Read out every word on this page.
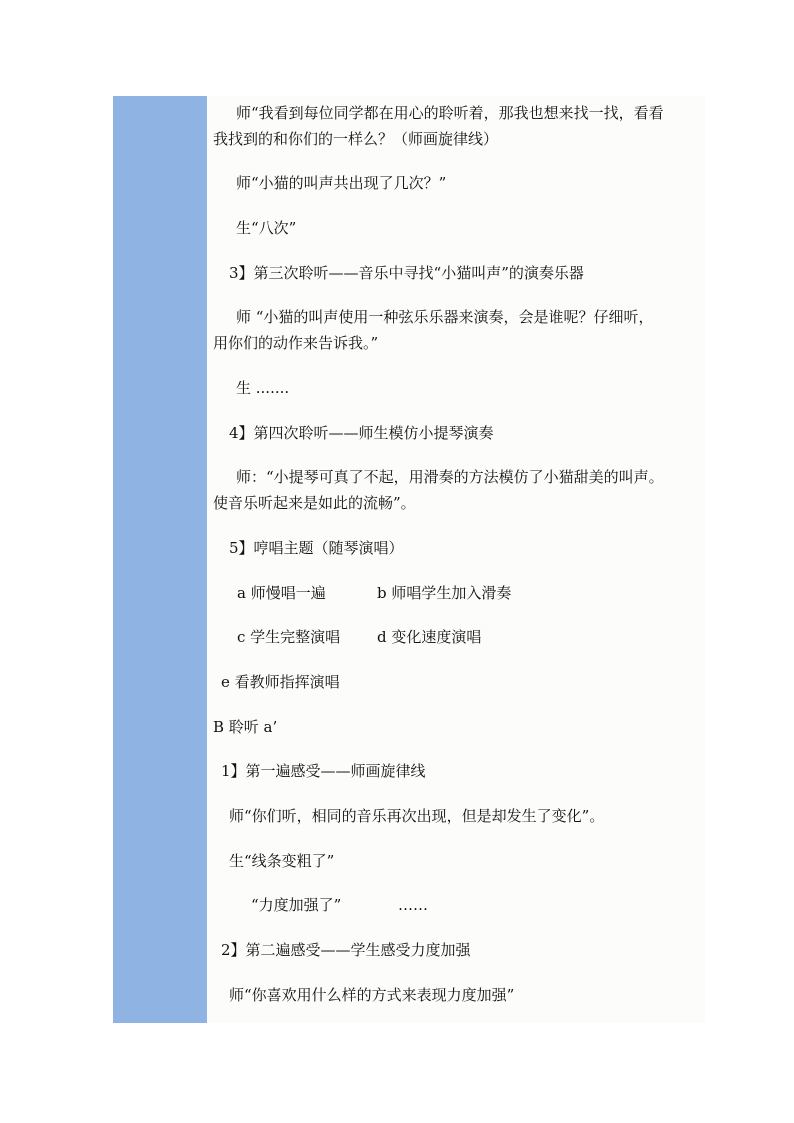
师“我看到每位同学都在用心的聆听着，那我也想来找一找，看看
我找到的和你们的一样么？（师画旋律线）
师“小猫的叫声共出现了几次？”
生“八次”
3】第三次聆听——音乐中寻找“小猫叫声”的演奏乐器
师 “小猫的叫声使用一种弦乐乐器来演奏，会是谁呢？仔细听，
用你们的动作来告诉我。”
生 .......
4】第四次聆听——师生模仿小提琴演奏
师：“小提琴可真了不起，用滑奏的方法模仿了小猫甜美的叫声。
使音乐听起来是如此的流畅”。
5】哼唱主题（随琴演唱）
a 师慢唱一遍	b 师唱学生加入滑奏
c 学生完整演唱 d 变化速度演唱
e 看教师指挥演唱
B 聆听 a’
1】第一遍感受——师画旋律线
师“你们听，相同的音乐再次出现，但是却发生了变化”。
生“线条变粗了”
“力度加强了”	……
2】第二遍感受——学生感受力度加强
师“你喜欢用什么样的方式来表现力度加强”
